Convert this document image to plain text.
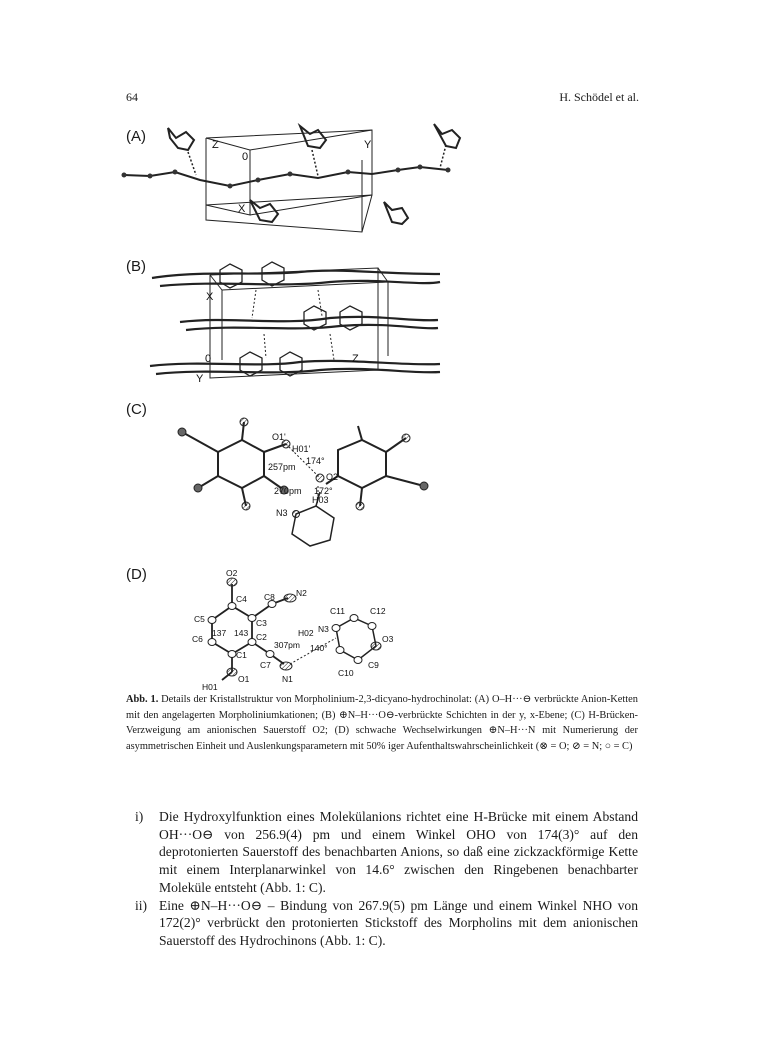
64	H. Schödel et al.
(A)
(B)
(C)
(D)
Z
0
Y
X
X
0	Z
Y
O1'
H01'
174°
257pm
O2
270pm 172°
H03
N3
O2
C4 C8 N2
C5
137 143
C3
C6	C2
C1
C7
H01
O1	N1
C11	C12
H02 N3
307pm 140°
O3
C10
C9
Abb. 1. Details der Kristallstruktur von Morpholinium-2,3-dicyano-hydrochinolat: (A) O–H···⊖ verbrückte Anion-Ketten mit den angelagerten Morpholiniumkationen; (B) ⊕N–H···O⊖-verbrückte Schichten in der y, x-Ebene; (C) H-Brücken-Verzweigung am anionischen Sauerstoff O2; (D) schwache Wechselwirkungen ⊕N–H···N mit Numerierung der asymmetrischen Einheit und Auslenkungsparametern mit 50% iger Aufenthaltswahrscheinlichkeit (⊗ = O; ⊘ = N; ○ = C)
i) Die Hydroxylfunktion eines Molekülanions richtet eine H-Brücke mit einem Abstand OH···O⊖ von 256.9(4) pm und einem Winkel OHO von 174(3)° auf den deprotonierten Sauerstoff des benachbarten Anions, so daß eine zickzackförmige Kette mit einem Interplanarwinkel von 14.6° zwischen den Ringebenen benachbarter Moleküle entsteht (Abb. 1: C).
ii) Eine ⊕N–H···O⊖ – Bindung von 267.9(5) pm Länge und einem Winkel NHO von 172(2)° verbrückt den protonierten Stickstoff des Morpholins mit dem anionischen Sauerstoff des Hydrochinons (Abb. 1: C).
